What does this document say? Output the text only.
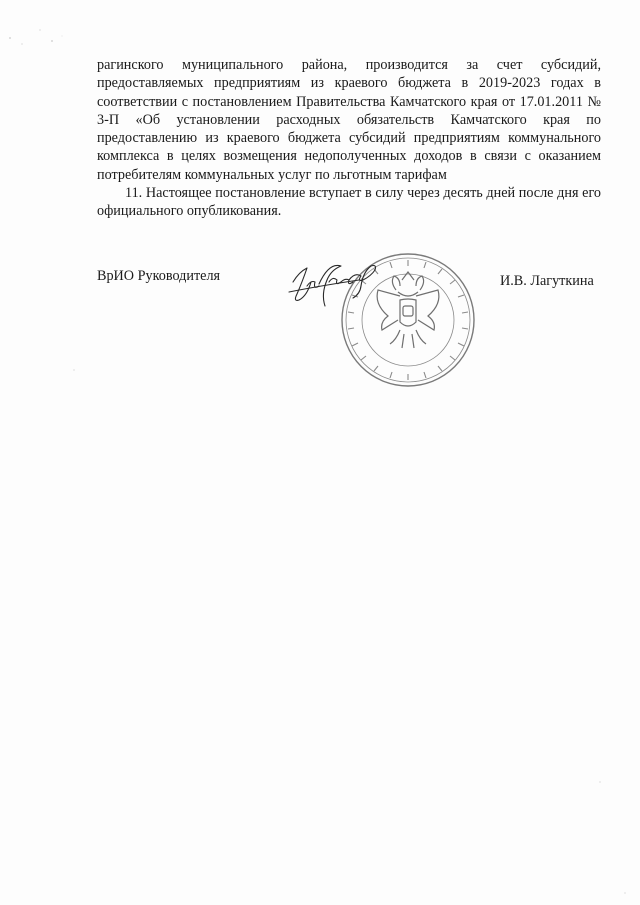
рагинского муниципального района, производится за счет субсидий, предоставляемых предприятиям из краевого бюджета в 2019-2023 годах в соответствии с постановлением Правительства Камчатского края от 17.01.2011 № 3-П «Об установлении расходных обязательств Камчатского края по предоставлению из краевого бюджета субсидий предприятиям коммунального комплекса в целях возмещения недополученных доходов в связи с оказанием потребителям коммунальных услуг по льготным тарифам

11. Настоящее постановление вступает в силу через десять дней после дня его официального опубликования.

ВрИО Руководителя	И.В. Лагуткина
